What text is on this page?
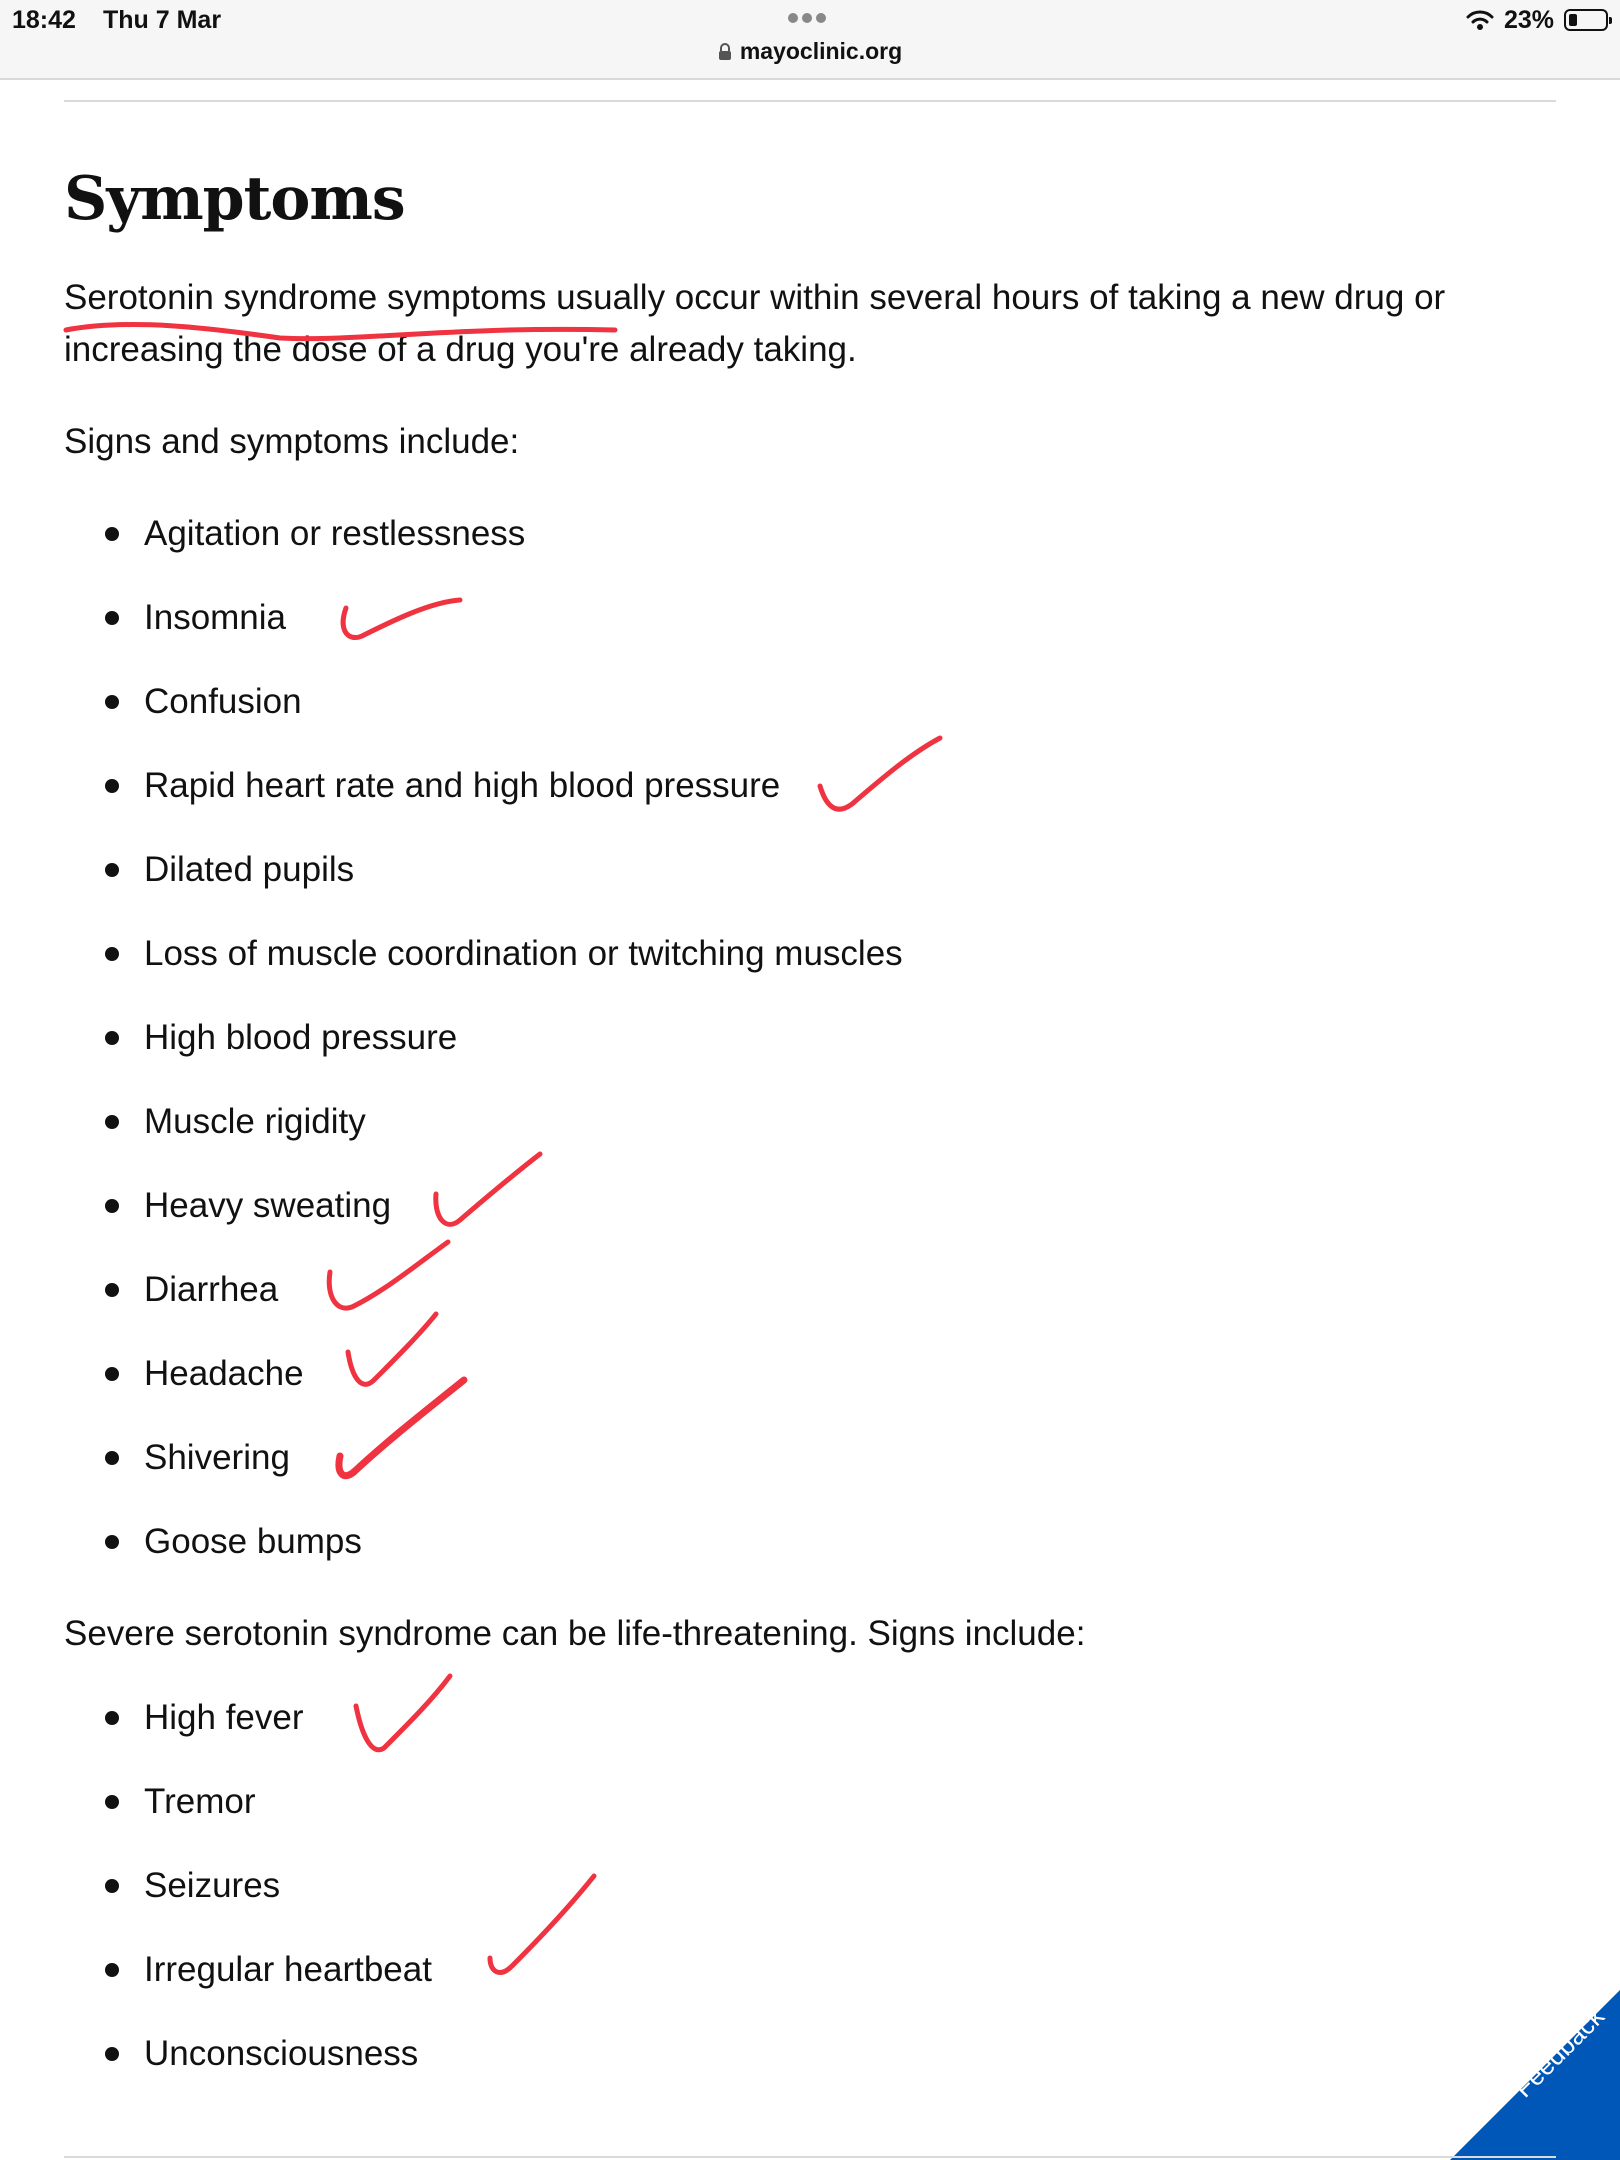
18:42 Thu 7 Mar
mayoclinic.org
23%
Symptoms

Serotonin syndrome symptoms usually occur within several hours of taking a new drug or
increasing the dose of a drug you're already taking.

Signs and symptoms include:

Agitation or restlessness
Insomnia
Confusion
Rapid heart rate and high blood pressure
Dilated pupils
Loss of muscle coordination or twitching muscles
High blood pressure
Muscle rigidity
Heavy sweating
Diarrhea
Headache
Shivering
Goose bumps

Severe serotonin syndrome can be life-threatening. Signs include:

High fever
Tremor
Seizures
Irregular heartbeat
Unconsciousness	Feedback
